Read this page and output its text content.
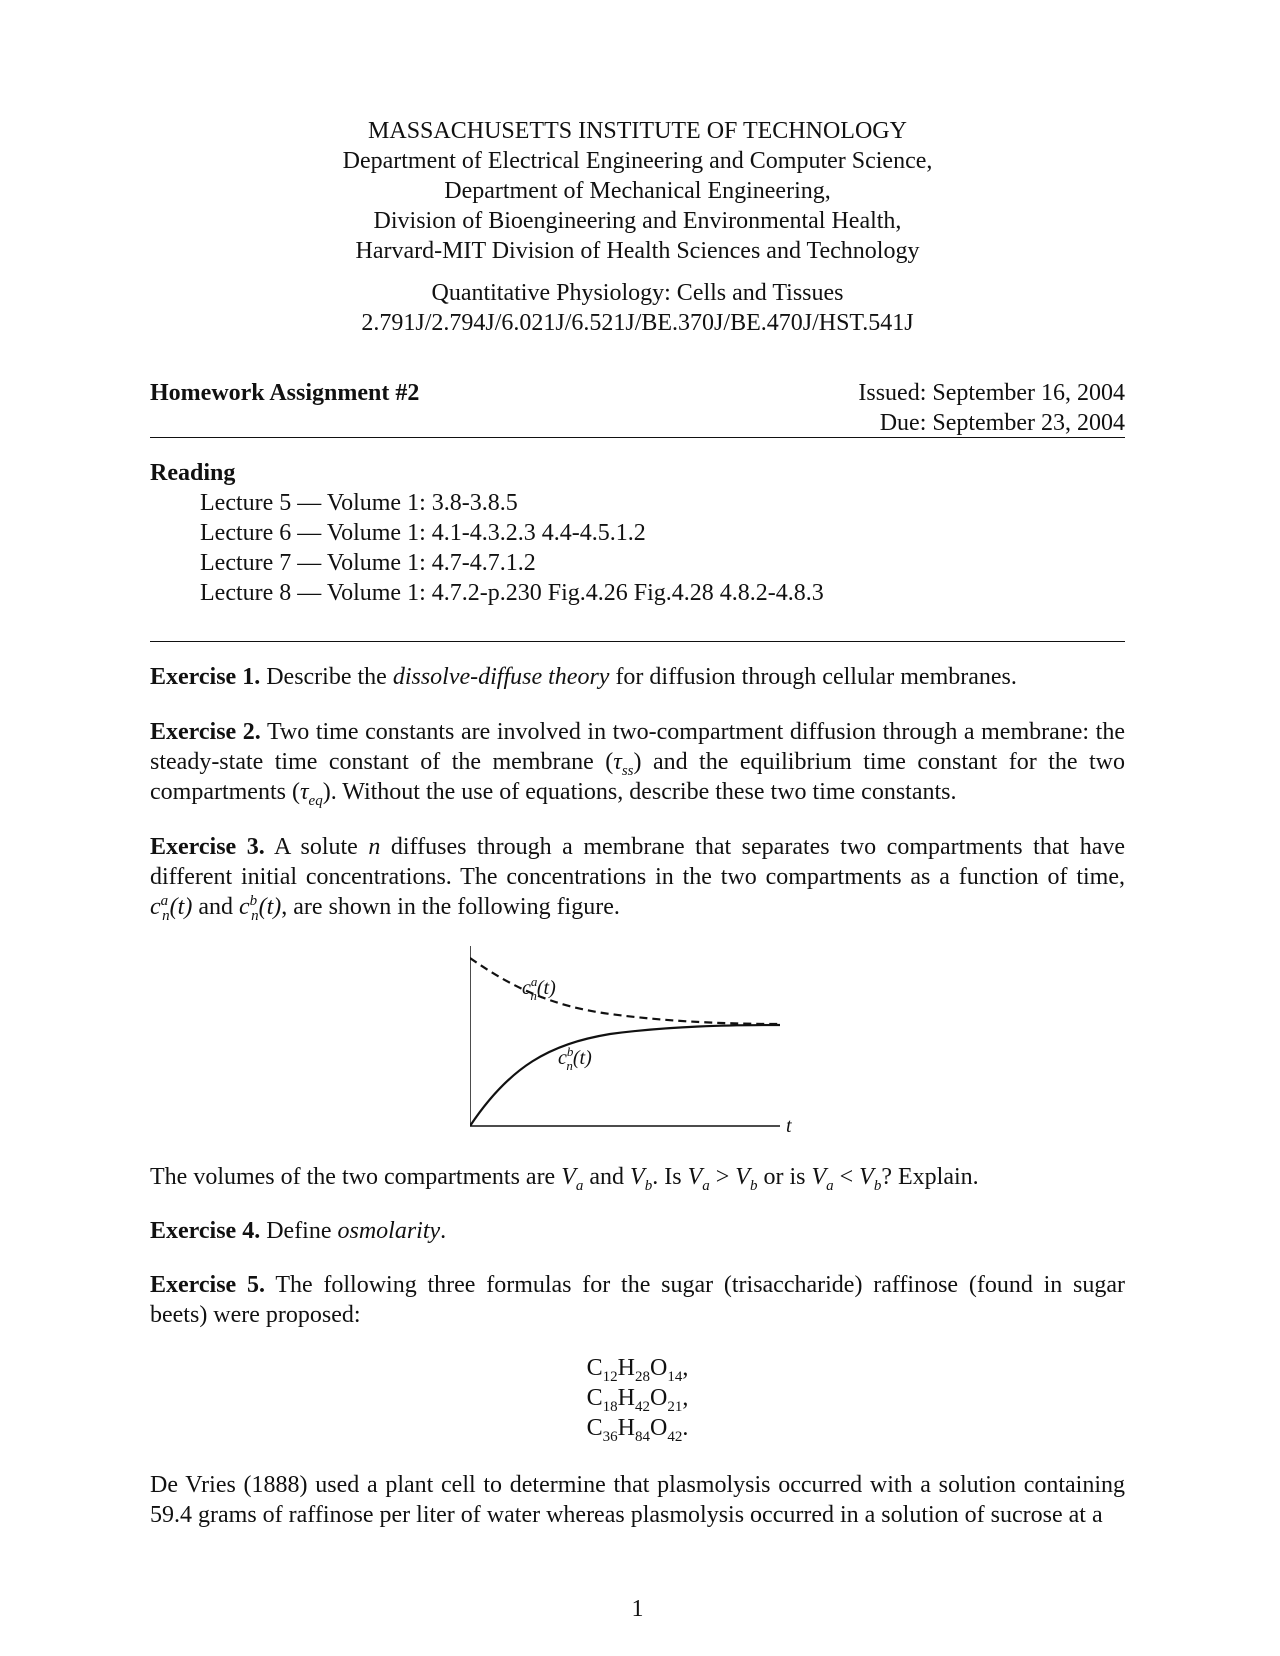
MASSACHUSETTS INSTITUTE OF TECHNOLOGY
Department of Electrical Engineering and Computer Science,
Department of Mechanical Engineering,
Division of Bioengineering and Environmental Health,
Harvard-MIT Division of Health Sciences and Technology
Quantitative Physiology: Cells and Tissues
2.791J/2.794J/6.021J/6.521J/BE.370J/BE.470J/HST.541J
Homework Assignment #2	Issued: September 16, 2004
Due: September 23, 2004
Reading
Lecture 5 — Volume 1: 3.8-3.8.5
Lecture 6 — Volume 1: 4.1-4.3.2.3 4.4-4.5.1.2
Lecture 7 — Volume 1: 4.7-4.7.1.2
Lecture 8 — Volume 1: 4.7.2-p.230 Fig.4.26 Fig.4.28 4.8.2-4.8.3
Exercise 1. Describe the dissolve-diffuse theory for diffusion through cellular membranes.
Exercise 2. Two time constants are involved in two-compartment diffusion through a membrane: the steady-state time constant of the membrane $(\tau_{ss})$ and the equilibrium time constant for the two compartments $(\tau_{eq})$. Without the use of equations, describe these two time constants.
Exercise 3. A solute n diffuses through a membrane that separates two compartments that have different initial concentrations. The concentrations in the two compartments as a function of time, $c^a_n(t)$ and $c^b_n(t)$, are shown in the following figure.
$c^a$ n(t)
$c^b$ n(t)
t
The volumes of the two compartments are $V_a$ and $V_b$. Is $V_a > V_b$ or is $V_a < V_b$? Explain.
Exercise 4. Define osmolarity.
Exercise 5. The following three formulas for the sugar (trisaccharide) raffinose (found in sugar beets) were proposed:
$C_{12}H_{28}O_{14}$,
$C_{18}H_{42}O_{21}$,
$C_{36}H_{84}O_{42}$.
De Vries (1888) used a plant cell to determine that plasmolysis occurred with a solution containing 59.4 grams of raffinose per liter of water whereas plasmolysis occurred in a solution of sucrose at a
1
